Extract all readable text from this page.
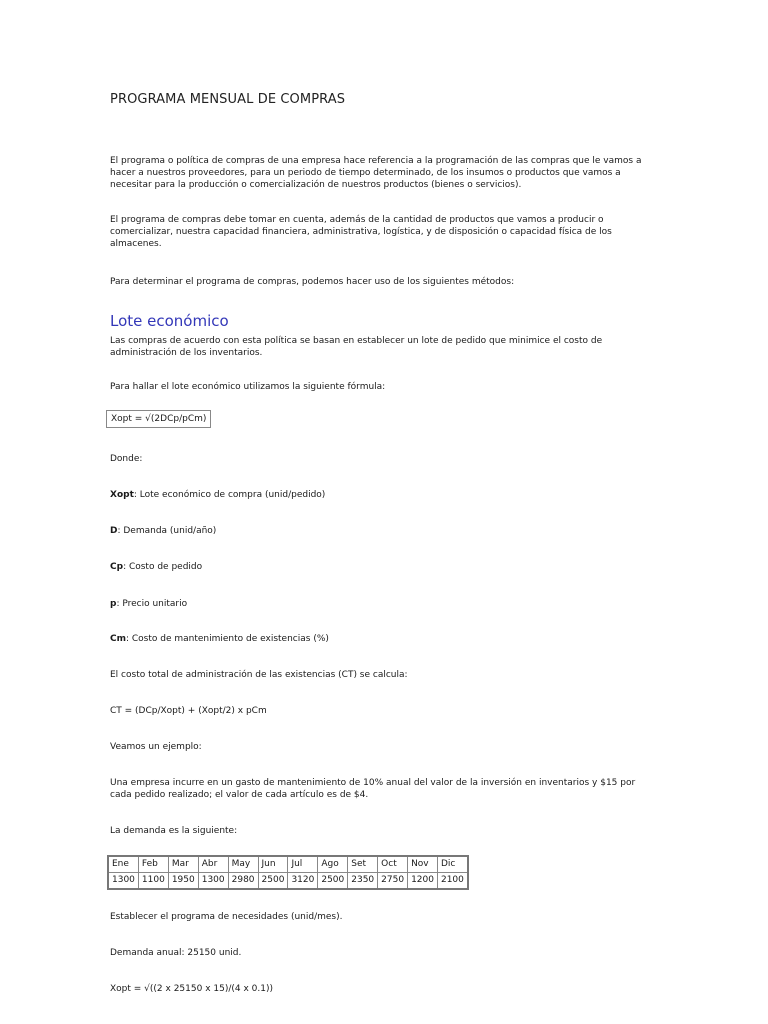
PROGRAMA MENSUAL DE COMPRAS

El programa o política de compras de una empresa hace referencia a la programación de las compras que le vamos a
hacer a nuestros proveedores, para un periodo de tiempo determinado, de los insumos o productos que vamos a
necesitar para la producción o comercialización de nuestros productos (bienes o servicios).

El programa de compras debe tomar en cuenta, además de la cantidad de productos que vamos a producir o
comercializar, nuestra capacidad financiera, administrativa, logística, y de disposición o capacidad física de los
almacenes.

Para determinar el programa de compras, podemos hacer uso de los siguientes métodos:

Lote económico

Las compras de acuerdo con esta política se basan en establecer un lote de pedido que minimice el costo de
administración de los inventarios.

Para hallar el lote económico utilizamos la siguiente fórmula:

Xopt = √(2DCp/pCm)

Donde:

Xopt: Lote económico de compra (unid/pedido)

D: Demanda (unid/año)

Cp: Costo de pedido

p: Precio unitario

Cm: Costo de mantenimiento de existencias (%)

El costo total de administración de las existencias (CT) se calcula:

CT = (DCp/Xopt) + (Xopt/2) x pCm

Veamos un ejemplo:

Una empresa incurre en un gasto de mantenimiento de 10% anual del valor de la inversión en inventarios y $15 por
cada pedido realizado; el valor de cada artículo es de $4.

La demanda es la siguiente:

Ene	Feb	Mar	Abr	May	Jun	Jul	Ago	Set	Oct	Nov	Dic
1300	1100	1950	1300	2980	2500	3120	2500	2350	2750	1200	2100

Establecer el programa de necesidades (unid/mes).

Demanda anual: 25150 unid.

Xopt = √((2 x 25150 x 15)/(4 x 0.1))
